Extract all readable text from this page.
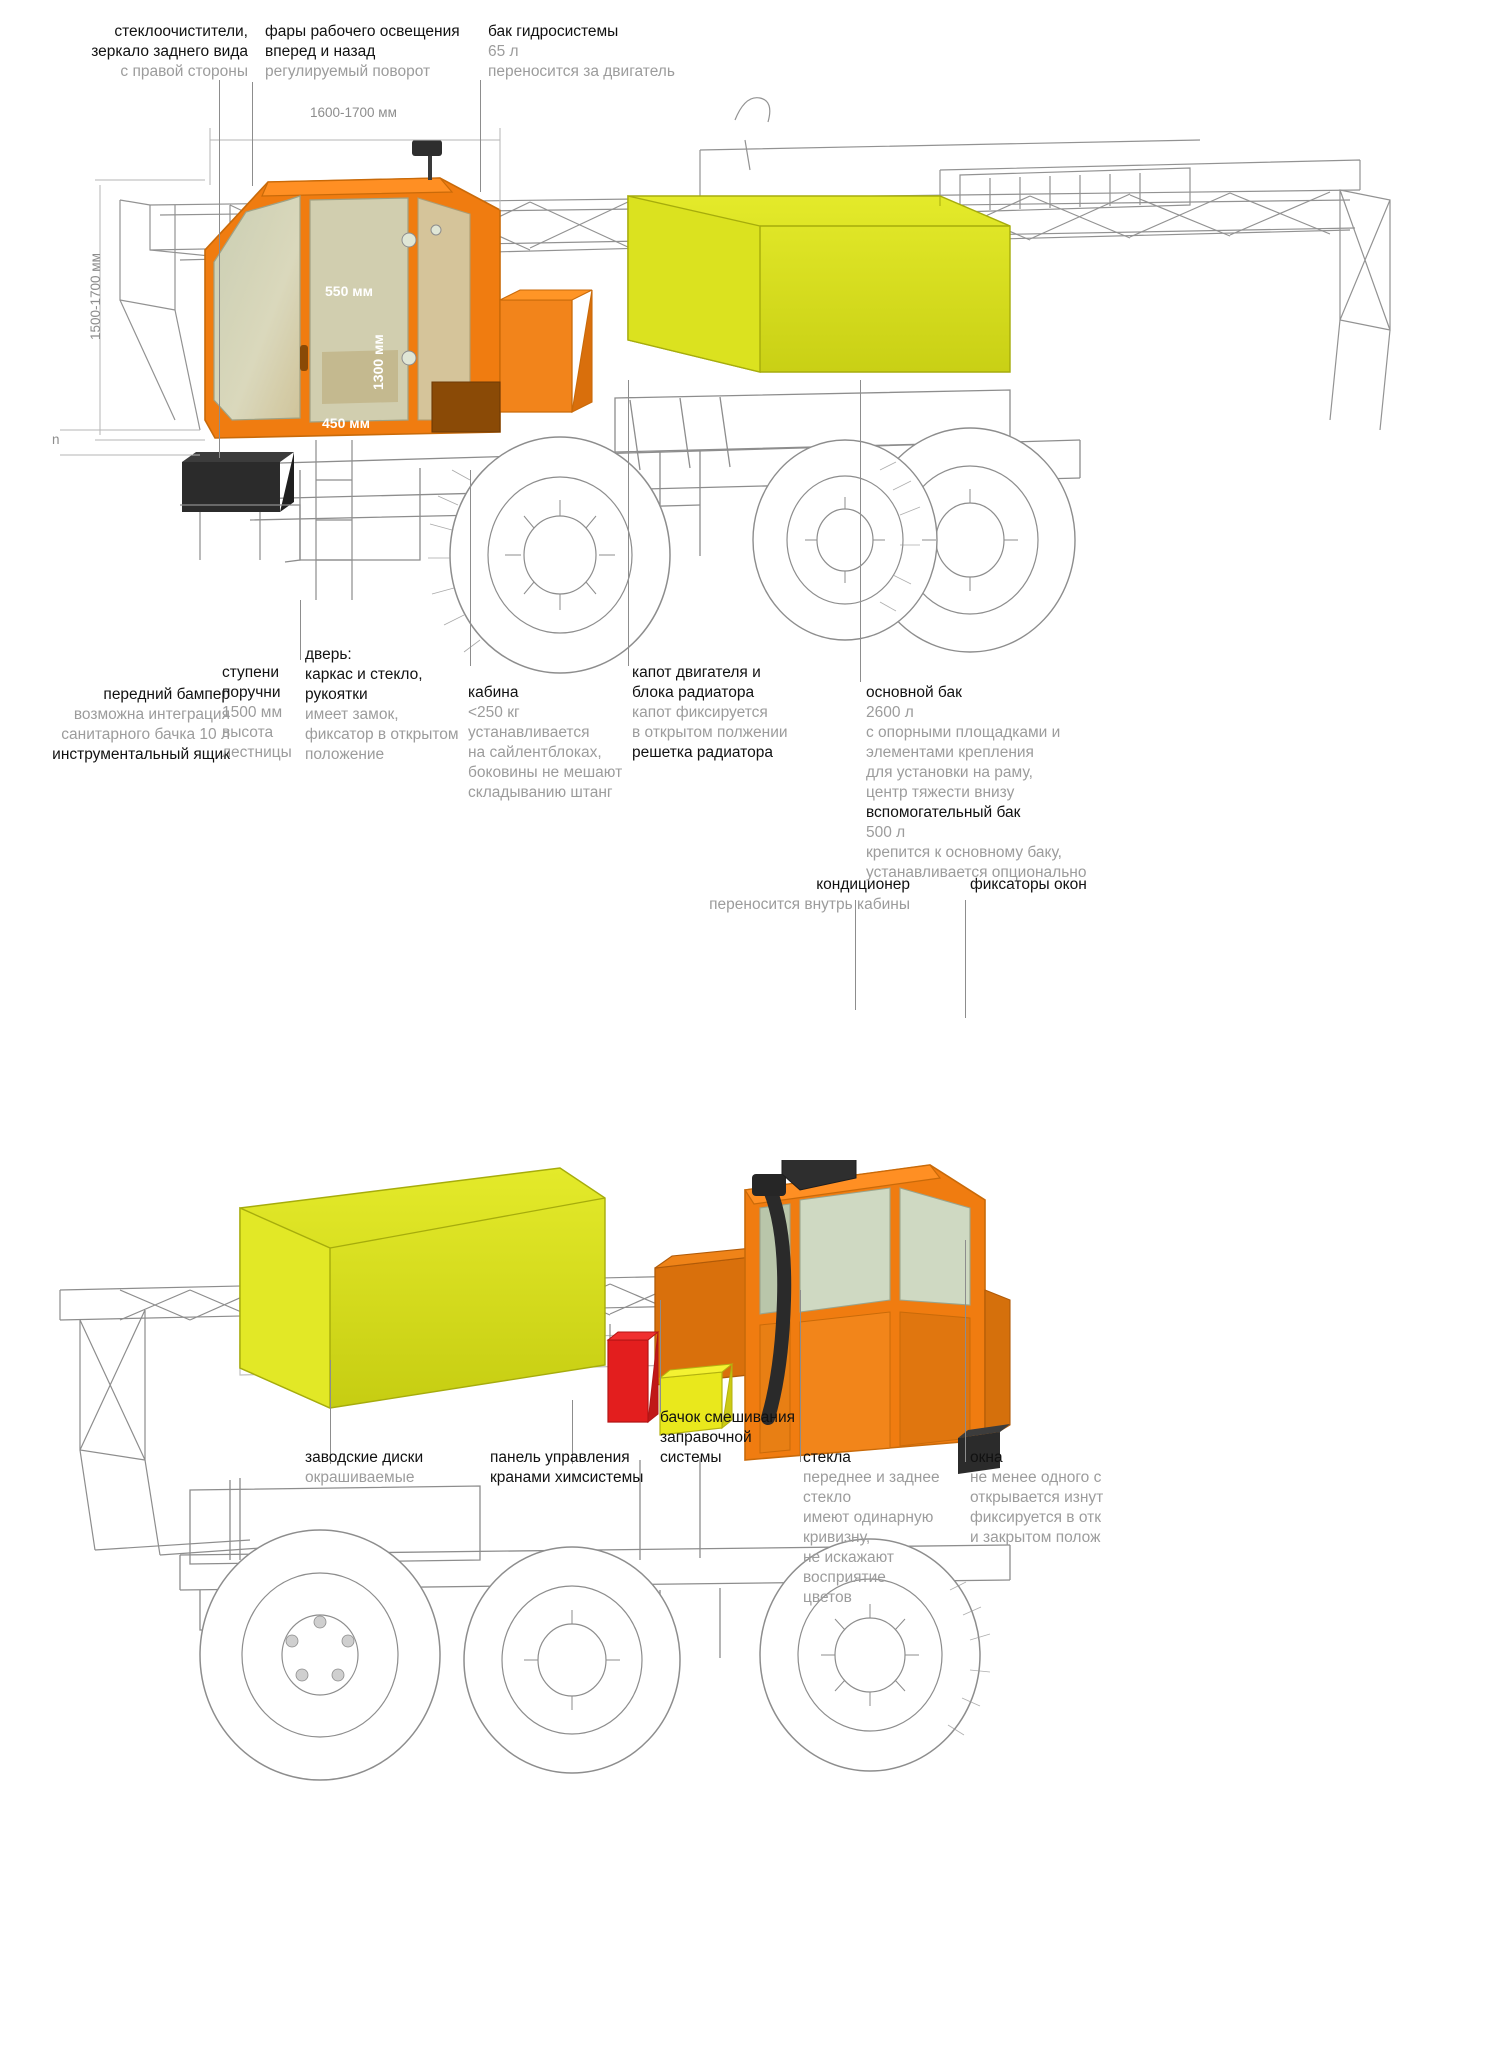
1600-1700 мм
1500-1700 мм
n
550 мм
1300 мм
450 мм
стеклоочистители,
зеркало заднего вида
с правой стороны
фары рабочего освещения
вперед и назад
регулируемый поворот
бак гидросистемы
65 л
переносится за двигатель
передний бампер
возможна интеграция
санитарного бачка 10 л
инструментальный ящик
ступени
поручни
1500 мм
высота
лестницы
дверь:
каркас и стекло,
рукоятки
имеет замок,
фиксатор в открытом
положение
кабина
<250 кг
устанавливается
на сайлентблоках,
боковины не мешают
складыванию штанг
капот двигателя и
блока радиатора
капот фиксируется
в открытом полжении
решетка радиатора
основной бак
2600 л
с опорными площадками и
элементами крепления
для установки на раму,
центр тяжести внизу
вспомогательный бак
500 л
крепится к основному баку,
устанавливается опционально
кондиционер
переносится внутрь кабины
фиксаторы окон
заводские диски
окрашиваемые
панель управления
кранами химсистемы
бачок смешивания
заправочной
системы	стекла
переднее и заднее стекло
имеют одинарную
кривизну,
не искажают восприятие
цветов
окна
не менее одного с
открывается изнут
фиксируется в отк
и закрытом полож
